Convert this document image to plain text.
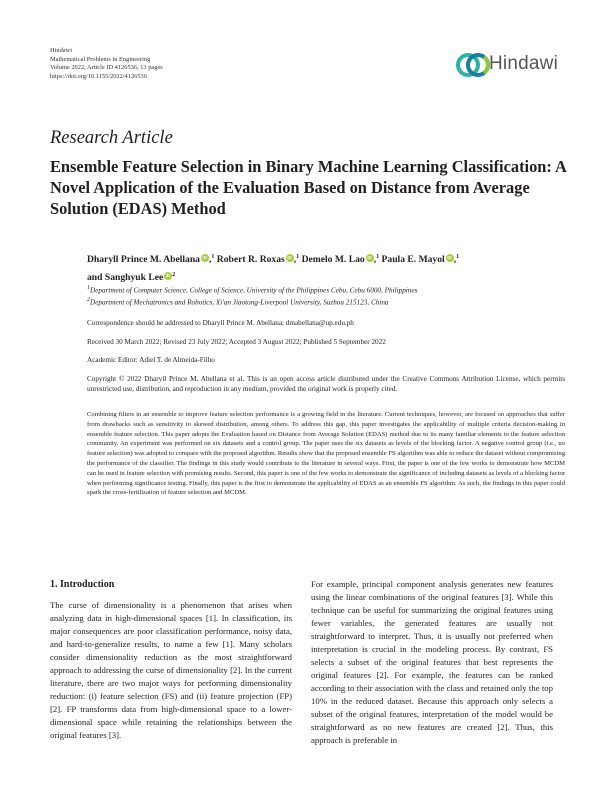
Hindawi
Mathematical Problems in Engineering
Volume 2022, Article ID 4126536, 13 pages
https://doi.org/10.1155/2022/4126536
Hindawi
Research Article
Ensemble Feature Selection in Binary Machine Learning Classification: A Novel Application of the Evaluation Based on Distance from Average Solution (EDAS) Method

Dharyll Prince M. Abellana iD ,$^1$ Robert R. Roxas iD ,$^1$ Demelo M. Lao iD ,$^1$ Paula E. Mayol iD ,$^1$
and Sanghyuk Lee iD $^2$

$^1$Department of Computer Science, College of Science, University of the Philippines Cebu, Cebu 6000, Philippines
$^2$Department of Mechatronics and Robotics, Xi'an Jiaotong-Liverpool University, Suzhou 215123, China
Correspondence should be addressed to Dharyll Prince M. Abellana; dmabellana@up.edu.ph
Received 30 March 2022; Revised 23 July 2022; Accepted 3 August 2022; Published 5 September 2022
Academic Editor: Adiel T. de Almeida-Filho
Copyright © 2022 Dharyll Prince M. Abellana et al. This is an open access article distributed under the Creative Commons Attribution License, which permits unrestricted use, distribution, and reproduction in any medium, provided the original work is properly cited.
Combining filters in an ensemble to improve feature selection performance is a growing field in the literature. Current techniques, however, are focused on approaches that suffer from drawbacks such as sensitivity to skewed distribution, among others. To address this gap, this paper investigates the applicability of multiple criteria decision-making in ensemble feature selection. This paper adopts the Evaluation based on Distance from Average Solution (EDAS) method due to its many familiar elements to the feature selection community. An experiment was performed on six datasets and a control group. The paper uses the six datasets as levels of the blocking factor. A negative control group (i.e., no feature selection) was adopted to compare with the proposed algorithm. Results show that the proposed ensemble FS algorithm was able to reduce the dataset without compromising the performance of the classifier. The findings in this study would contribute to the literature in several ways. First, the paper is one of the few works to demonstrate how MCDM can be used in feature selection with promising results. Second, this paper is one of the few works to demonstrate the significance of including datasets as levels of a blocking factor when performing significance testing. Finally, this paper is the first to demonstrate the applicability of EDAS as an ensemble FS algorithm. As such, the findings in this paper could spark the cross-fertilization of feature selection and MCDM.
1. Introduction

The curse of dimensionality is a phenomenon that arises when analyzing data in high-dimensional spaces [1]. In classification, its major consequences are poor classification performance, noisy data, and hard-to-generalize results, to name a few [1]. Many scholars consider dimensionality reduction as the most straightforward approach to addressing the curse of dimensionality [2]. In the current literature, there are two major ways for performing dimensionality reduction: (i) feature selection (FS) and (ii) feature projection (FP) [2]. FP transforms data from high-dimensional space to a lower-dimensional space while retaining the relationships between the original features [3].

For example, principal component analysis generates new features using the linear combinations of the original features [3]. While this technique can be useful for summarizing the original features using fewer variables, the generated features are usually not straightforward to interpret. Thus, it is usually not preferred when interpretation is crucial in the modeling process. By contrast, FS selects a subset of the original features that best represents the original features [2]. For example, the features can be ranked according to their association with the class and retained only the top 10% in the reduced dataset. Because this approach only selects a subset of the original features, interpretation of the model would be straightforward as no new features are created [2]. Thus, this approach is preferable in
